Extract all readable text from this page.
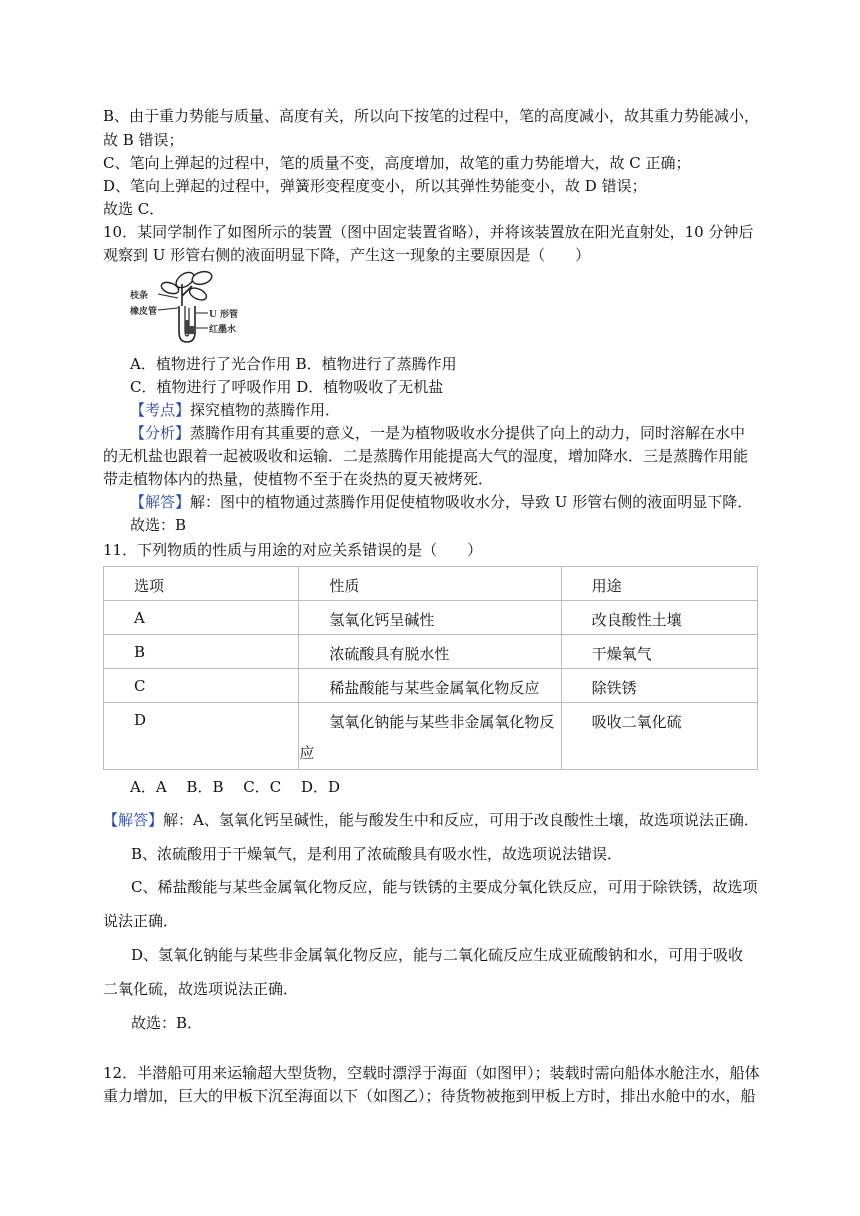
B、由于重力势能与质量、高度有关，所以向下按笔的过程中，笔的高度减小，故其重力势能减小，
故 B 错误；
C、笔向上弹起的过程中，笔的质量不变，高度增加，故笔的重力势能增大，故 C 正确；
D、笔向上弹起的过程中，弹簧形变程度变小，所以其弹性势能变小，故 D 错误；
故选 C．
10．某同学制作了如图所示的装置（图中固定装置省略），并将该装置放在阳光直射处，10 分钟后
观察到 U 形管右侧的液面明显下降，产生这一现象的主要原因是（　　）
枝条
橡皮管	U 形管
红墨水
A．植物进行了光合作用 B．植物进行了蒸腾作用
C．植物进行了呼吸作用 D．植物吸收了无机盐
【考点】探究植物的蒸腾作用．
【分析】蒸腾作用有其重要的意义，一是为植物吸收水分提供了向上的动力，同时溶解在水中
的无机盐也跟着一起被吸收和运输．二是蒸腾作用能提高大气的湿度，增加降水．三是蒸腾作用能
带走植物体内的热量，使植物不至于在炎热的夏天被烤死．
【解答】解：图中的植物通过蒸腾作用促使植物吸收水分，导致 U 形管右侧的液面明显下降．
故选：B
11．下列物质的性质与用途的对应关系错误的是（　　）
选项	性质	用途

A	氢氧化钙呈碱性	改良酸性土壤

B	浓硫酸具有脱水性	干燥氧气

C	稀盐酸能与某些金属氧化物反应	除铁锈

D	氢氧化钠能与某些非金属氧化物反
应	吸收二氧化硫
A．A　 B．B　 C．C　 D．D
【解答】解：A、氢氧化钙呈碱性，能与酸发生中和反应，可用于改良酸性土壤，故选项说法正确．
B、浓硫酸用于干燥氧气，是利用了浓硫酸具有吸水性，故选项说法错误．
C、稀盐酸能与某些金属氧化物反应，能与铁锈的主要成分氧化铁反应，可用于除铁锈，故选项
说法正确．
D、氢氧化钠能与某些非金属氧化物反应，能与二氧化硫反应生成亚硫酸钠和水，可用于吸收
二氧化硫，故选项说法正确．
故选：B．
12．半潜船可用来运输超大型货物，空载时漂浮于海面（如图甲）；装载时需向船体水舱注水，船体
重力增加，巨大的甲板下沉至海面以下（如图乙）；待货物被拖到甲板上方时，排出水舱中的水，船
